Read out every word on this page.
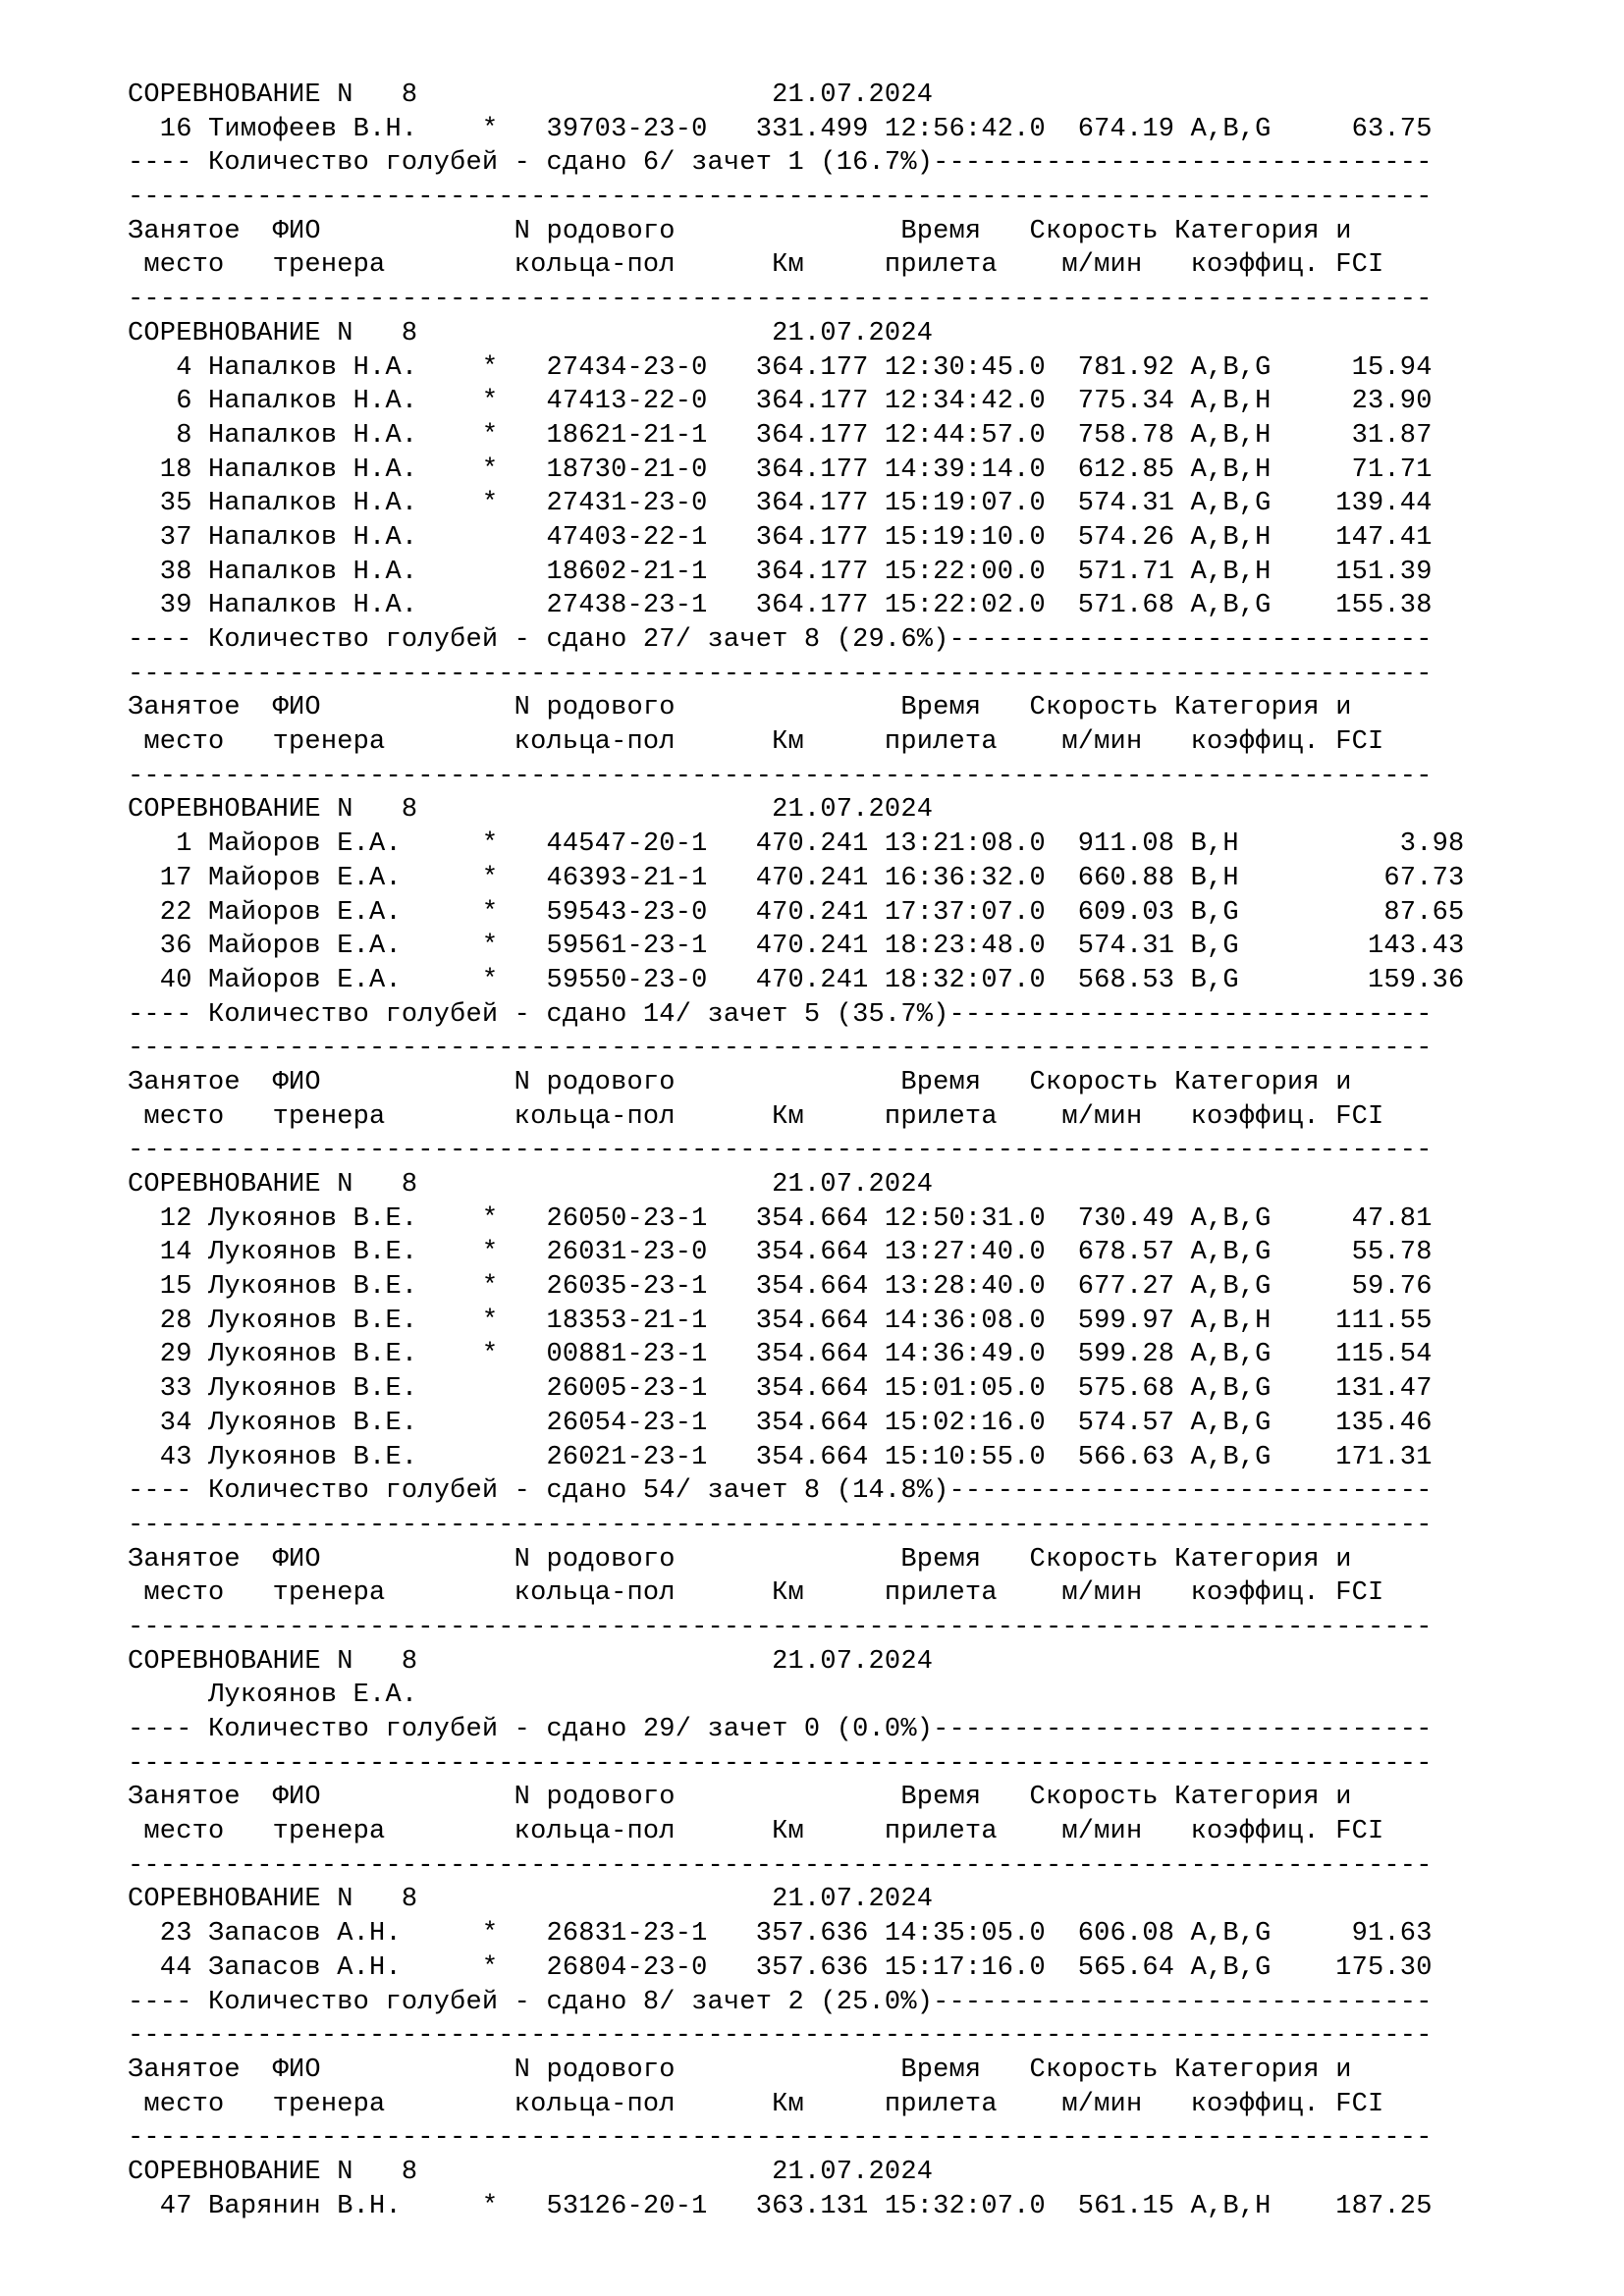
СОРЕВНОВАНИЕ N   8                      21.07.2024
16 Тимофеев В.Н.    *   39703-23-0   331.499 12:56:42.0  674.19 A,B,G     63.75
---- Количество голубей - сдано 6/ зачет 1 (16.7%)-------------------------------
---------------------------------------------------------------------------------
Занятое  ФИО            N родового              Время   Скорость Категория и
место   тренера        кольца-пол      Км     прилета    м/мин   коэффиц. FCI
---------------------------------------------------------------------------------
СОРЕВНОВАНИЕ N   8                      21.07.2024
4 Напалков Н.А.    *   27434-23-0   364.177 12:30:45.0  781.92 A,B,G     15.94
6 Напалков Н.А.    *   47413-22-0   364.177 12:34:42.0  775.34 A,B,H     23.90
8 Напалков Н.А.    *   18621-21-1   364.177 12:44:57.0  758.78 A,B,H     31.87
18 Напалков Н.А.    *   18730-21-0   364.177 14:39:14.0  612.85 A,B,H     71.71
35 Напалков Н.А.    *   27431-23-0   364.177 15:19:07.0  574.31 A,B,G    139.44
37 Напалков Н.А.        47403-22-1   364.177 15:19:10.0  574.26 A,B,H    147.41
38 Напалков Н.А.        18602-21-1   364.177 15:22:00.0  571.71 A,B,H    151.39
39 Напалков Н.А.        27438-23-1   364.177 15:22:02.0  571.68 A,B,G    155.38
---- Количество голубей - сдано 27/ зачет 8 (29.6%)------------------------------
---------------------------------------------------------------------------------
Занятое  ФИО            N родового              Время   Скорость Категория и
место   тренера        кольца-пол      Км     прилета    м/мин   коэффиц. FCI
---------------------------------------------------------------------------------
СОРЕВНОВАНИЕ N   8                      21.07.2024
1 Майоров Е.А.     *   44547-20-1   470.241 13:21:08.0  911.08 B,H          3.98
17 Майоров Е.А.     *   46393-21-1   470.241 16:36:32.0  660.88 B,H         67.73
22 Майоров Е.А.     *   59543-23-0   470.241 17:37:07.0  609.03 B,G         87.65
36 Майоров Е.А.     *   59561-23-1   470.241 18:23:48.0  574.31 B,G        143.43
40 Майоров Е.А.     *   59550-23-0   470.241 18:32:07.0  568.53 B,G        159.36
---- Количество голубей - сдано 14/ зачет 5 (35.7%)------------------------------
---------------------------------------------------------------------------------
Занятое  ФИО            N родового              Время   Скорость Категория и
место   тренера        кольца-пол      Км     прилета    м/мин   коэффиц. FCI
---------------------------------------------------------------------------------
СОРЕВНОВАНИЕ N   8                      21.07.2024
12 Лукоянов В.Е.    *   26050-23-1   354.664 12:50:31.0  730.49 A,B,G     47.81
14 Лукоянов В.Е.    *   26031-23-0   354.664 13:27:40.0  678.57 A,B,G     55.78
15 Лукоянов В.Е.    *   26035-23-1   354.664 13:28:40.0  677.27 A,B,G     59.76
28 Лукоянов В.Е.    *   18353-21-1   354.664 14:36:08.0  599.97 A,B,H    111.55
29 Лукоянов В.Е.    *   00881-23-1   354.664 14:36:49.0  599.28 A,B,G    115.54
33 Лукоянов В.Е.        26005-23-1   354.664 15:01:05.0  575.68 A,B,G    131.47
34 Лукоянов В.Е.        26054-23-1   354.664 15:02:16.0  574.57 A,B,G    135.46
43 Лукоянов В.Е.        26021-23-1   354.664 15:10:55.0  566.63 A,B,G    171.31
---- Количество голубей - сдано 54/ зачет 8 (14.8%)------------------------------
---------------------------------------------------------------------------------
Занятое  ФИО            N родового              Время   Скорость Категория и
место   тренера        кольца-пол      Км     прилета    м/мин   коэффиц. FCI
---------------------------------------------------------------------------------
СОРЕВНОВАНИЕ N   8                      21.07.2024
Лукоянов Е.А.
---- Количество голубей - сдано 29/ зачет 0 (0.0%)-------------------------------
---------------------------------------------------------------------------------
Занятое  ФИО            N родового              Время   Скорость Категория и
место   тренера        кольца-пол      Км     прилета    м/мин   коэффиц. FCI
---------------------------------------------------------------------------------
СОРЕВНОВАНИЕ N   8                      21.07.2024
23 Запасов А.Н.     *   26831-23-1   357.636 14:35:05.0  606.08 A,B,G     91.63
44 Запасов А.Н.     *   26804-23-0   357.636 15:17:16.0  565.64 A,B,G    175.30
---- Количество голубей - сдано 8/ зачет 2 (25.0%)-------------------------------
---------------------------------------------------------------------------------
Занятое  ФИО            N родового              Время   Скорость Категория и
место   тренера        кольца-пол      Км     прилета    м/мин   коэффиц. FCI
---------------------------------------------------------------------------------
СОРЕВНОВАНИЕ N   8                      21.07.2024
47 Варянин В.Н.     *   53126-20-1   363.131 15:32:07.0  561.15 A,B,H    187.25
